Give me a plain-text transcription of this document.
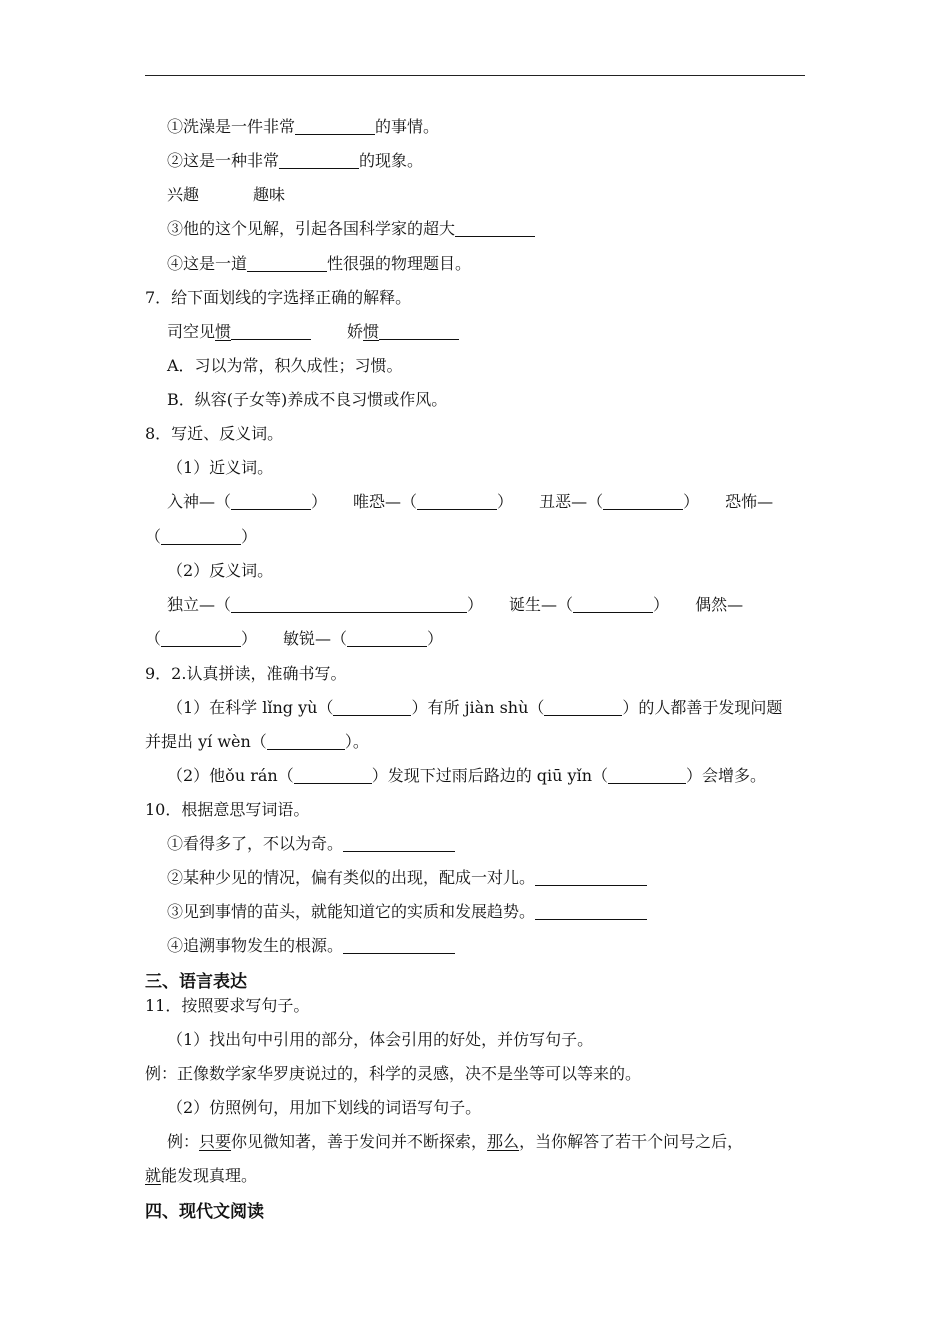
①洗澡是一件非常	的事情。
②这是一种非常	的现象。
兴趣	趣味
③他的这个见解，引起各国科学家的超大
④这是一道	性很强的物理题目。
7．给下面划线的字选择正确的解释。
司空见惯	娇惯
A．习以为常，积久成性；习惯。
B．纵容(子女等)养成不良习惯或作风。
8．写近、反义词。
（1）近义词。
入神—（	） 唯恐—（	） 丑恶—（	） 恐怖—
（	）
（2）反义词。
独立—（	） 诞生—（	） 偶然—
（	） 敏锐—（	）
9．2.认真拼读，准确书写。
（1）在科学 lǐng yù（	）有所 jiàn shù（	）的人都善于发现问题
并提出 yí wèn（	）。
（2）他ǒu rán（	）发现下过雨后路边的 qiū yǐn（	）会增多。
10．根据意思写词语。
①看得多了，不以为奇。
②某种少见的情况，偏有类似的出现，配成一对儿。
③见到事情的苗头，就能知道它的实质和发展趋势。
④追溯事物发生的根源。
三、语言表达
11．按照要求写句子。
（1）找出句中引用的部分，体会引用的好处，并仿写句子。
例：正像数学家华罗庚说过的，科学的灵感，决不是坐等可以等来的。
（2）仿照例句，用加下划线的词语写句子。
例：只要你见微知著，善于发问并不断探索，那么，当你解答了若干个问号之后，
就能发现真理。
四、现代文阅读
